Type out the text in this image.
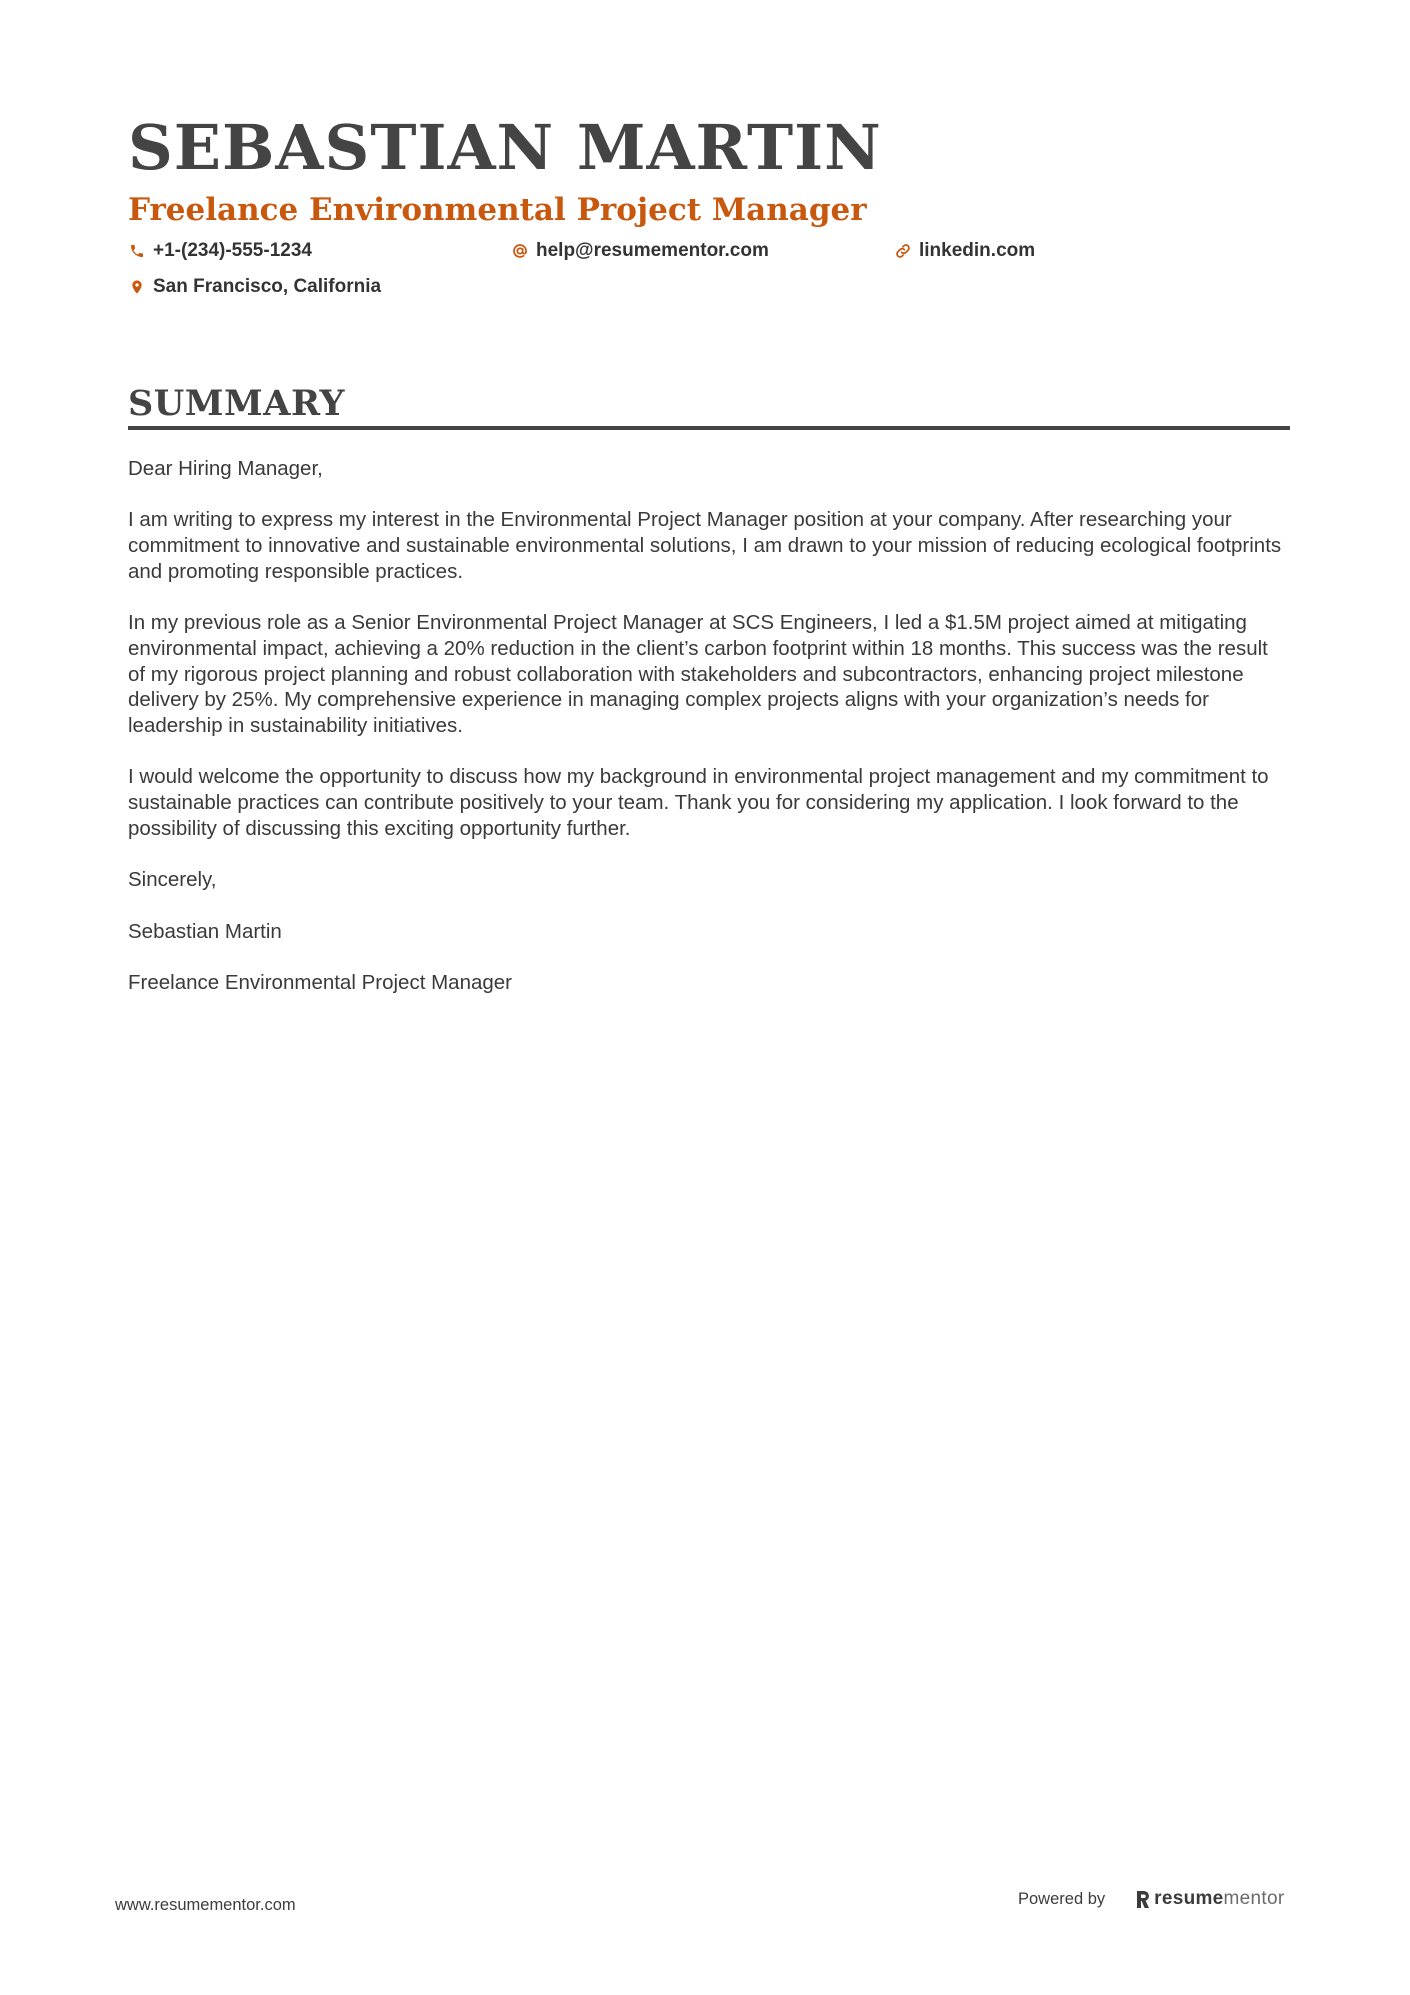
SEBASTIAN MARTIN
Freelance Environmental Project Manager
+1-(234)-555-1234	help@resumementor.com	linkedin.com
San Francisco, California
SUMMARY

Dear Hiring Manager,

I am writing to express my interest in the Environmental Project Manager position at your company. After researching your commitment to innovative and sustainable environmental solutions, I am drawn to your mission of reducing ecological footprints and promoting responsible practices.

In my previous role as a Senior Environmental Project Manager at SCS Engineers, I led a $1.5M project aimed at mitigating environmental impact, achieving a 20% reduction in the client’s carbon footprint within 18 months. This success was the result of my rigorous project planning and robust collaboration with stakeholders and subcontractors, enhancing project milestone delivery by 25%. My comprehensive experience in managing complex projects aligns with your organization’s needs for leadership in sustainability initiatives.

I would welcome the opportunity to discuss how my background in environmental project management and my commitment to sustainable practices can contribute positively to your team. Thank you for considering my application. I look forward to the possibility of discussing this exciting opportunity further.

Sincerely,

Sebastian Martin

Freelance Environmental Project Manager

www.resumementor.com	Powered by	resume mentor
